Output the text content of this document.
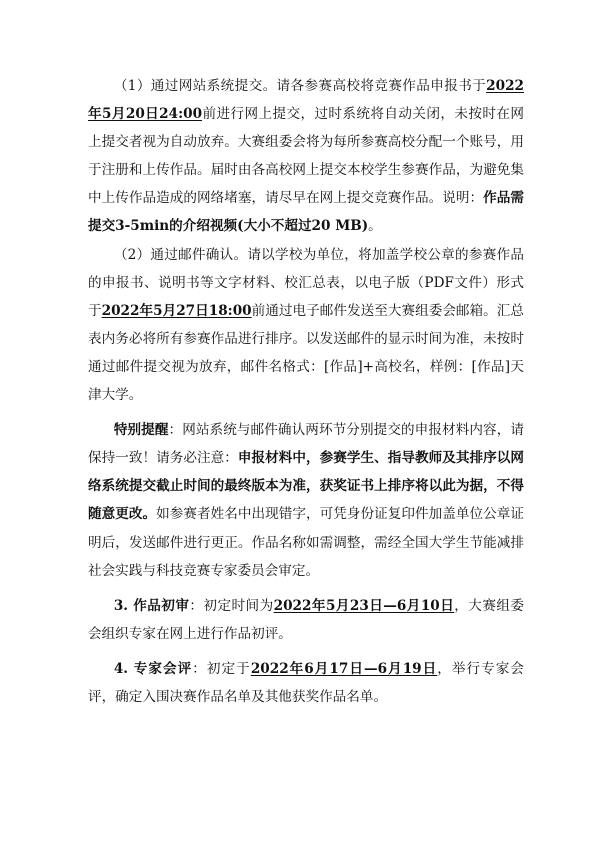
（1）通过网站系统提交。请各参赛高校将竞赛作品申报书于2022年5月20日24:00前进行网上提交，过时系统将自动关闭，未按时在网上提交者视为自动放弃。大赛组委会将为每所参赛高校分配一个账号，用于注册和上传作品。届时由各高校网上提交本校学生参赛作品，为避免集中上传作品造成的网络堵塞，请尽早在网上提交竞赛作品。说明：作品需提交3-5min的介绍视频(大小不超过20 MB)。

（2）通过邮件确认。请以学校为单位，将加盖学校公章的参赛作品的申报书、说明书等文字材料、校汇总表，以电子版（PDF文件）形式于2022年5月27日18:00前通过电子邮件发送至大赛组委会邮箱。汇总表内务必将所有参赛作品进行排序。以发送邮件的显示时间为准，未按时通过邮件提交视为放弃，邮件名格式：[作品]+高校名，样例：[作品]天津大学。

特别提醒：网站系统与邮件确认两环节分别提交的申报材料内容，请保持一致！请务必注意：申报材料中，参赛学生、指导教师及其排序以网络系统提交截止时间的最终版本为准，获奖证书上排序将以此为据，不得随意更改。如参赛者姓名中出现错字，可凭身份证复印件加盖单位公章证明后，发送邮件进行更正。作品名称如需调整，需经全国大学生节能减排社会实践与科技竞赛专家委员会审定。

3. 作品初审：初定时间为2022年5月23日—6月10日，大赛组委会组织专家在网上进行作品初评。

4. 专家会评：初定于2022年6月17日—6月19日，举行专家会评，确定入围决赛作品名单及其他获奖作品名单。
